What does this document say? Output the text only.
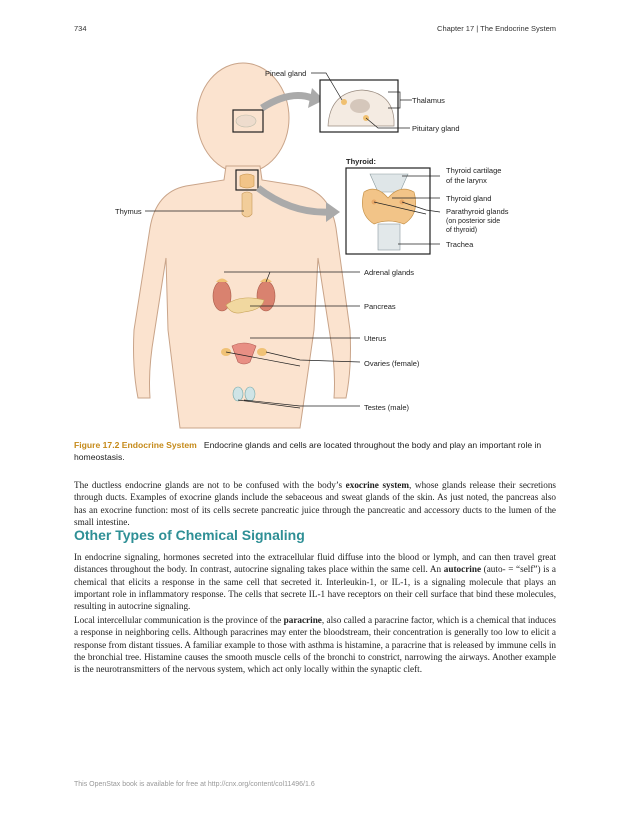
734	Chapter 17 | The Endocrine System
Thyroid:
Pineal gland
Thalamus
Pituitary gland
Thyroid cartilage
of the larynx
Thyroid gland
Parathyroid glands
(on posterior side
of thyroid)
Trachea
Thymus
Adrenal glands
Pancreas
Uterus
Ovaries (female)
Testes (male)
Figure 17.2 Endocrine System Endocrine glands and cells are located throughout the body and play an important role in homeostasis.

The ductless endocrine glands are not to be confused with the body’s exocrine system, whose glands release their secretions through ducts. Examples of exocrine glands include the sebaceous and sweat glands of the skin. As just noted, the pancreas also has an exocrine function: most of its cells secrete pancreatic juice through the pancreatic and accessory ducts to the lumen of the small intestine.

Other Types of Chemical Signaling

In endocrine signaling, hormones secreted into the extracellular fluid diffuse into the blood or lymph, and can then travel great distances throughout the body. In contrast, autocrine signaling takes place within the same cell. An autocrine (auto- = “self”) is a chemical that elicits a response in the same cell that secreted it. Interleukin-1, or IL-1, is a signaling molecule that plays an important role in inflammatory response. The cells that secrete IL-1 have receptors on their cell surface that bind these molecules, resulting in autocrine signaling.

Local intercellular communication is the province of the paracrine, also called a paracrine factor, which is a chemical that induces a response in neighboring cells. Although paracrines may enter the bloodstream, their concentration is generally too low to elicit a response from distant tissues. A familiar example to those with asthma is histamine, a paracrine that is released by immune cells in the bronchial tree. Histamine causes the smooth muscle cells of the bronchi to constrict, narrowing the airways. Another example is the neurotransmitters of the nervous system, which act only locally within the synaptic cleft.

This OpenStax book is available for free at http://cnx.org/content/col11496/1.6
